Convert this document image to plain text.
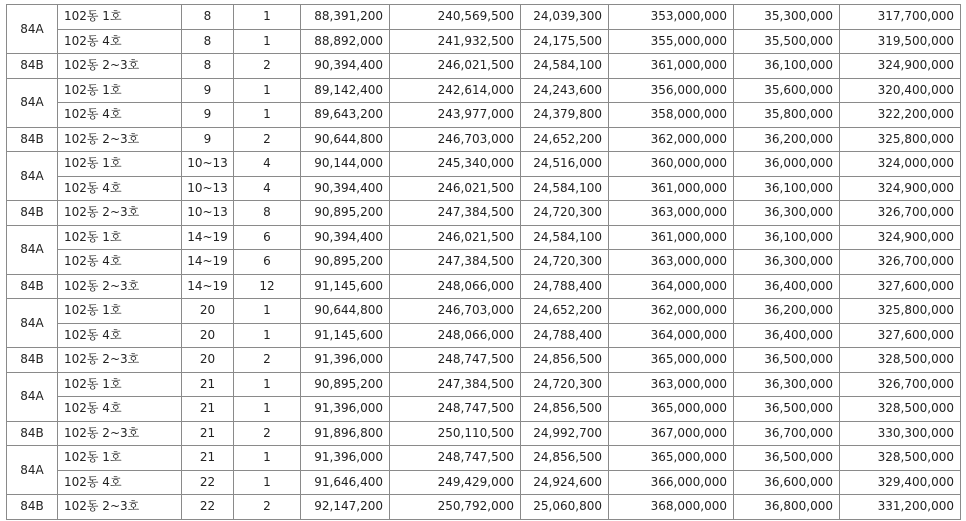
84A	102동 1호	8	1	88,391,200	240,569,500	24,039,300	353,000,000	35,300,000	317,700,000
	102동 4호	8	1	88,892,000	241,932,500	24,175,500	355,000,000	35,500,000	319,500,000
84B	102동 2~3호	8	2	90,394,400	246,021,500	24,584,100	361,000,000	36,100,000	324,900,000
84A	102동 1호	9	1	89,142,400	242,614,000	24,243,600	356,000,000	35,600,000	320,400,000
	102동 4호	9	1	89,643,200	243,977,000	24,379,800	358,000,000	35,800,000	322,200,000
84B	102동 2~3호	9	2	90,644,800	246,703,000	24,652,200	362,000,000	36,200,000	325,800,000
84A	102동 1호	10~13	4	90,144,000	245,340,000	24,516,000	360,000,000	36,000,000	324,000,000
	102동 4호	10~13	4	90,394,400	246,021,500	24,584,100	361,000,000	36,100,000	324,900,000
84B	102동 2~3호	10~13	8	90,895,200	247,384,500	24,720,300	363,000,000	36,300,000	326,700,000
84A	102동 1호	14~19	6	90,394,400	246,021,500	24,584,100	361,000,000	36,100,000	324,900,000
	102동 4호	14~19	6	90,895,200	247,384,500	24,720,300	363,000,000	36,300,000	326,700,000
84B	102동 2~3호	14~19	12	91,145,600	248,066,000	24,788,400	364,000,000	36,400,000	327,600,000
84A	102동 1호	20	1	90,644,800	246,703,000	24,652,200	362,000,000	36,200,000	325,800,000
	102동 4호	20	1	91,145,600	248,066,000	24,788,400	364,000,000	36,400,000	327,600,000
84B	102동 2~3호	20	2	91,396,000	248,747,500	24,856,500	365,000,000	36,500,000	328,500,000
84A	102동 1호	21	1	90,895,200	247,384,500	24,720,300	363,000,000	36,300,000	326,700,000
	102동 4호	21	1	91,396,000	248,747,500	24,856,500	365,000,000	36,500,000	328,500,000
84B	102동 2~3호	21	2	91,896,800	250,110,500	24,992,700	367,000,000	36,700,000	330,300,000
84A	102동 1호	21	1	91,396,000	248,747,500	24,856,500	365,000,000	36,500,000	328,500,000
	102동 4호	22	1	91,646,400	249,429,000	24,924,600	366,000,000	36,600,000	329,400,000
84B	102동 2~3호	22	2	92,147,200	250,792,000	25,060,800	368,000,000	36,800,000	331,200,000
